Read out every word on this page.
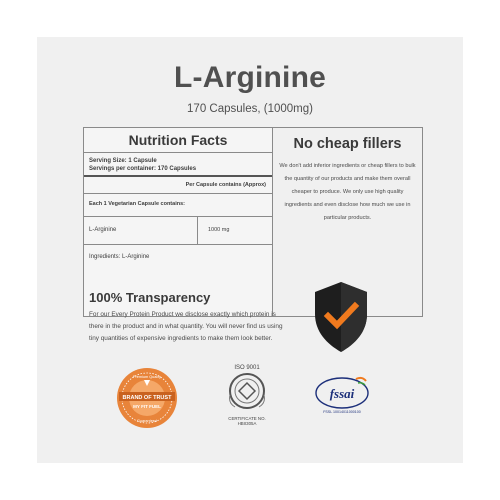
L-Arginine
170 Capsules, (1000mg)
Nutrition Facts
Serving Size: 1 Capsule
Servings per container: 170 Capsules
Per Capsule contains (Approx)
Each 1 Vegetarian Capsule contains:
L-Arginine	1000 mg
Ingredients: L-Arginine
No cheap fillers
We don't add inferior ingredients or cheap fillers to bulk the quantity of our products and make them overall cheaper to produce. We only use high quality ingredients and even disclose how much we use in particular products.
100% Transparency
For our Every Protein Product we disclose exactly which protein is there in the product and in what quantity. You will never find us using tiny quantities of expensive ingredients to make them look better.
BRAND OF TRUST
MY FIT FUEL
Premium Quality
Guaranteed
ISO 9001
CERTIFICATE NO.
HBII305A
fssai
FSSL 10014011000100
